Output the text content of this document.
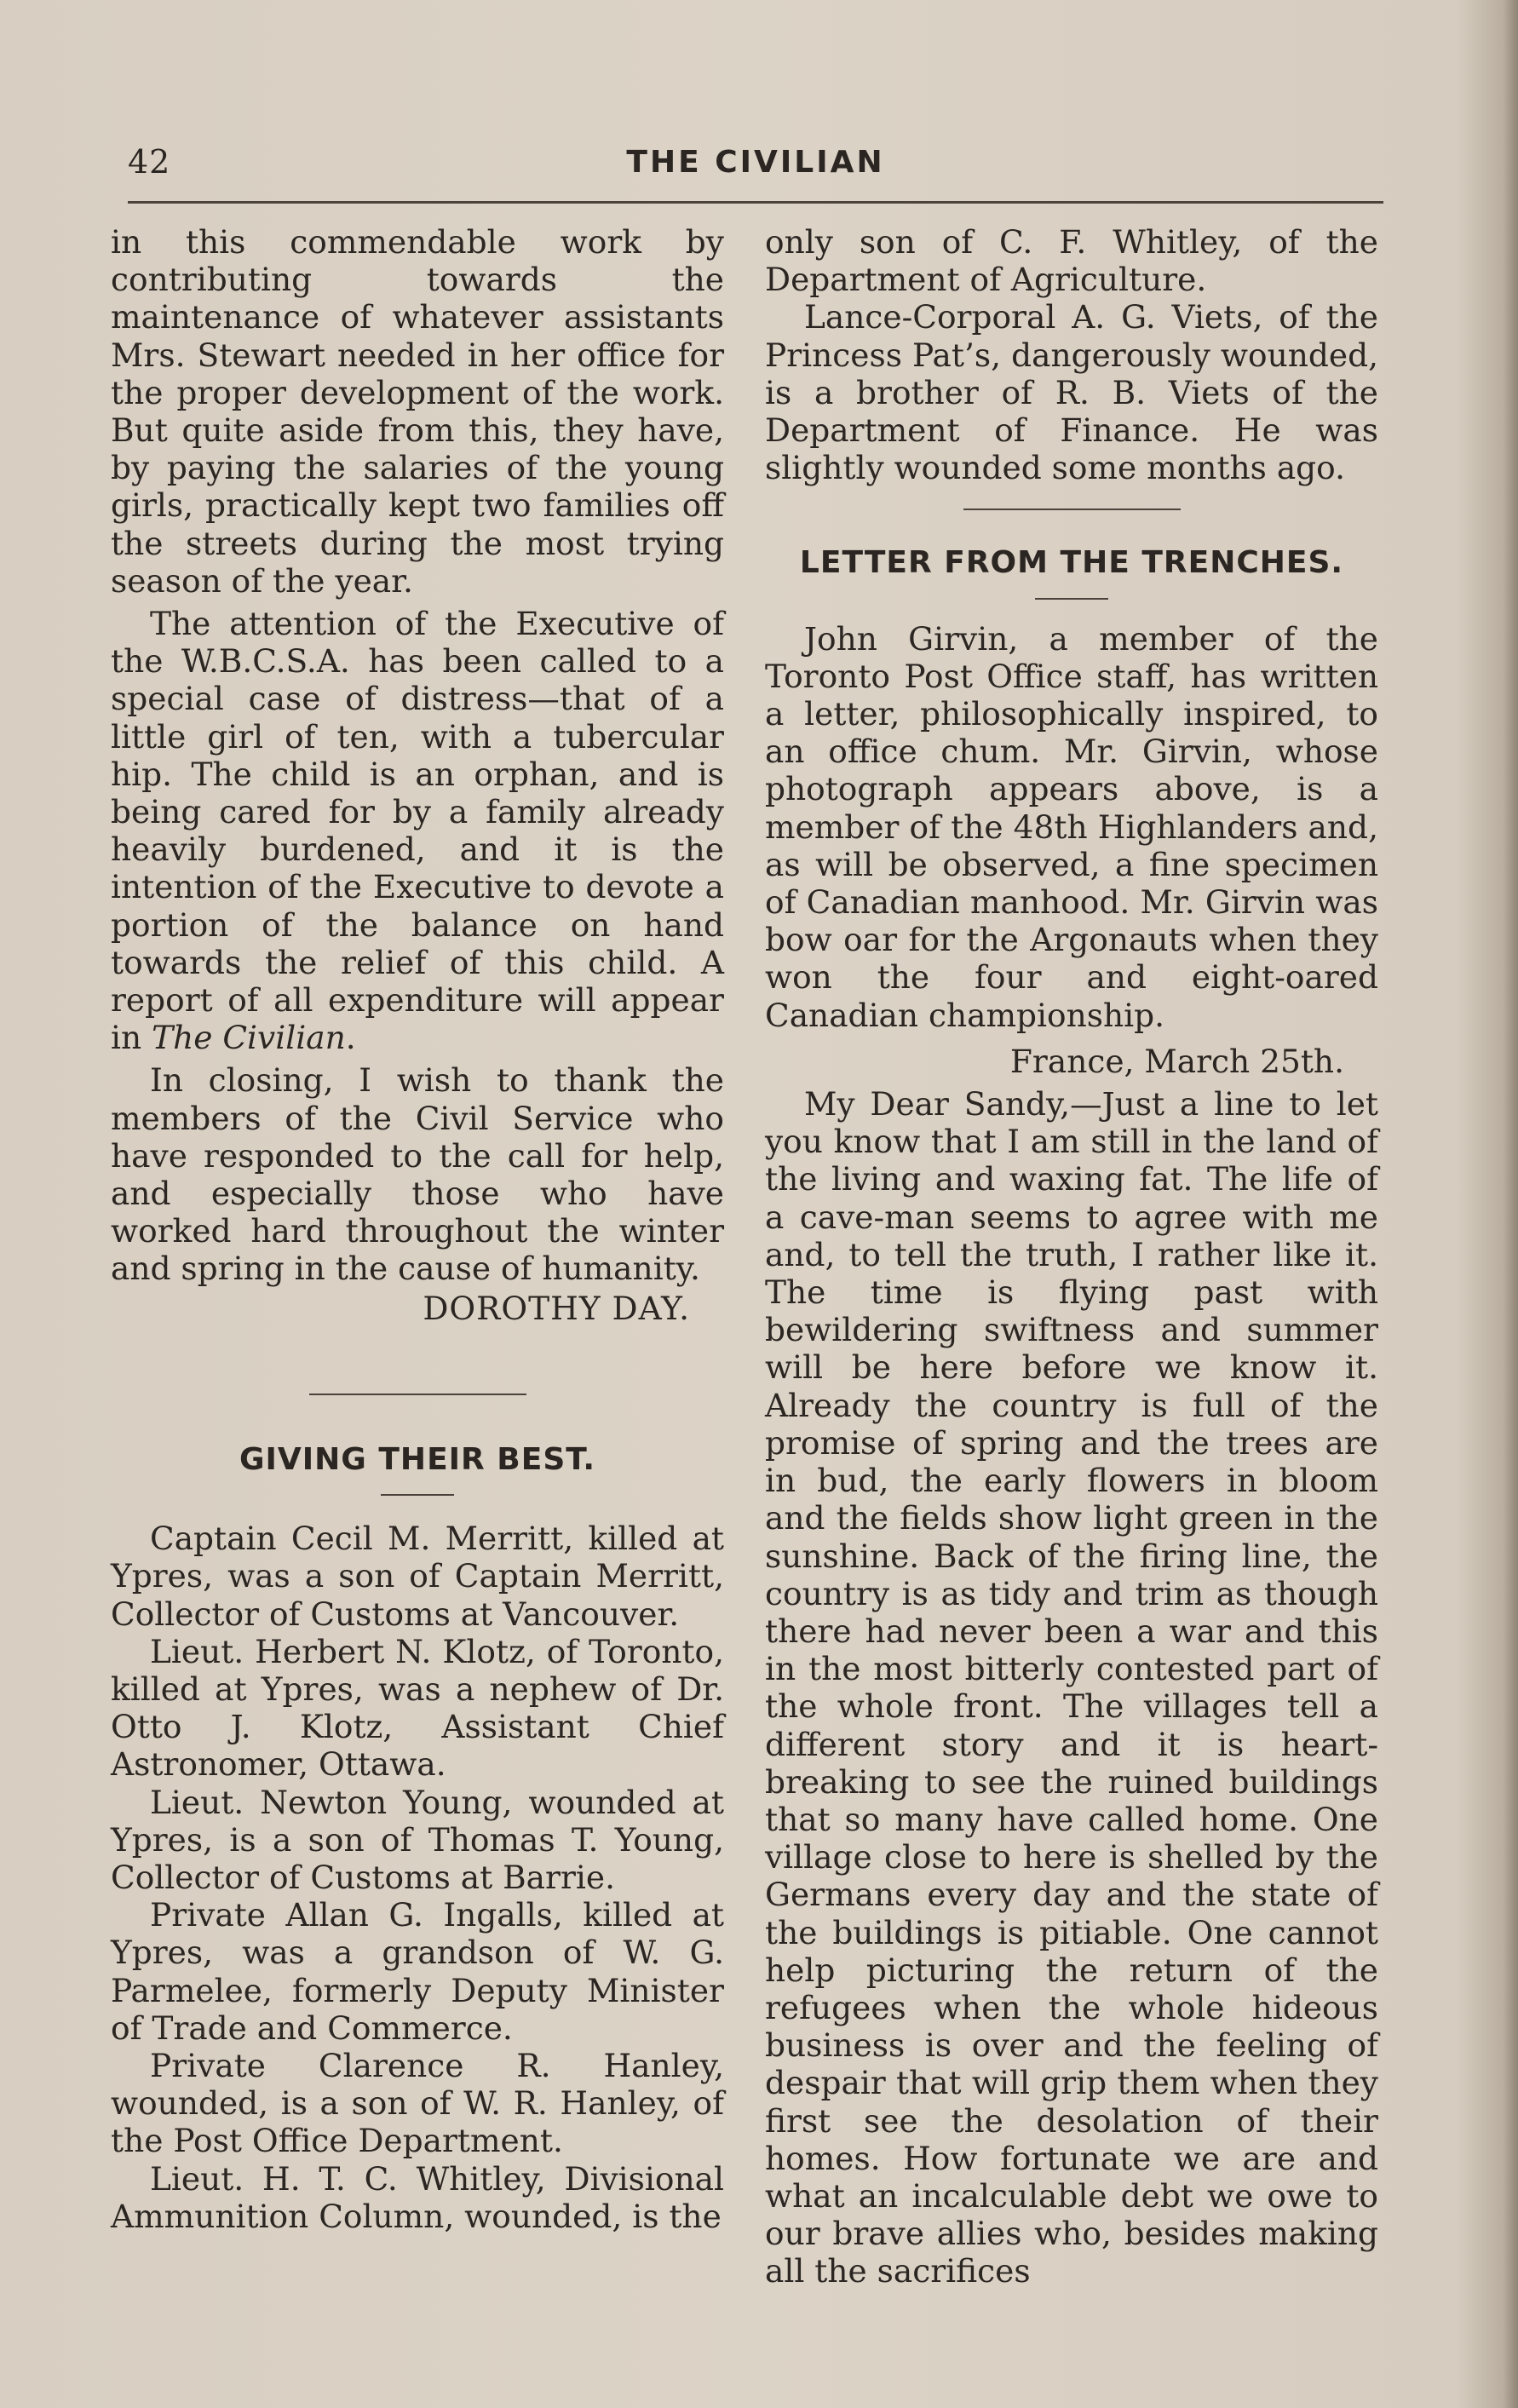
42	THE CIVILIAN

in this commendable work by contributing towards the maintenance of whatever assistants Mrs. Stewart needed in her office for the proper development of the work. But quite aside from this, they have, by paying the salaries of the young girls, practically kept two families off the streets during the most trying season of the year.

The attention of the Executive of the W.B.C.S.A. has been called to a special case of distress—that of a little girl of ten, with a tubercular hip. The child is an orphan, and is being cared for by a family already heavily burdened, and it is the intention of the Executive to devote a portion of the balance on hand towards the relief of this child. A report of all expenditure will appear in The Civilian.

In closing, I wish to thank the members of the Civil Service who have responded to the call for help, and especially those who have worked hard throughout the winter and spring in the cause of humanity.

DOROTHY DAY.
GIVING THEIR BEST.

Captain Cecil M. Merritt, killed at Ypres, was a son of Captain Merritt, Collector of Customs at Vancouver.

Lieut. Herbert N. Klotz, of Toronto, killed at Ypres, was a nephew of Dr. Otto J. Klotz, Assistant Chief Astronomer, Ottawa.

Lieut. Newton Young, wounded at Ypres, is a son of Thomas T. Young, Collector of Customs at Barrie.

Private Allan G. Ingalls, killed at Ypres, was a grandson of W. G. Parmelee, formerly Deputy Minister of Trade and Commerce.

Private Clarence R. Hanley, wounded, is a son of W. R. Hanley, of the Post Office Department.

Lieut. H. T. C. Whitley, Divisional Ammunition Column, wounded, is the

only son of C. F. Whitley, of the Department of Agriculture.

Lance-Corporal A. G. Viets, of the Princess Pat’s, dangerously wounded, is a brother of R. B. Viets of the Department of Finance. He was slightly wounded some months ago.

LETTER FROM THE TRENCHES.

John Girvin, a member of the Toronto Post Office staff, has written a letter, philosophically inspired, to an office chum. Mr. Girvin, whose photograph appears above, is a member of the 48th Highlanders and, as will be observed, a fine specimen of Canadian manhood. Mr. Girvin was bow oar for the Argonauts when they won the four and eight-oared Canadian championship.

France, March 25th.

My Dear Sandy,—Just a line to let you know that I am still in the land of the living and waxing fat. The life of a cave-man seems to agree with me and, to tell the truth, I rather like it. The time is flying past with bewildering swiftness and summer will be here before we know it. Already the country is full of the promise of spring and the trees are in bud, the early flowers in bloom and the fields show light green in the sunshine. Back of the firing line, the country is as tidy and trim as though there had never been a war and this in the most bitterly contested part of the whole front. The villages tell a different story and it is heart-breaking to see the ruined buildings that so many have called home. One village close to here is shelled by the Germans every day and the state of the buildings is pitiable. One cannot help picturing the return of the refugees when the whole hideous business is over and the feeling of despair that will grip them when they first see the desolation of their homes. How fortunate we are and what an incalculable debt we owe to our brave allies who, besides making all the sacrifices
